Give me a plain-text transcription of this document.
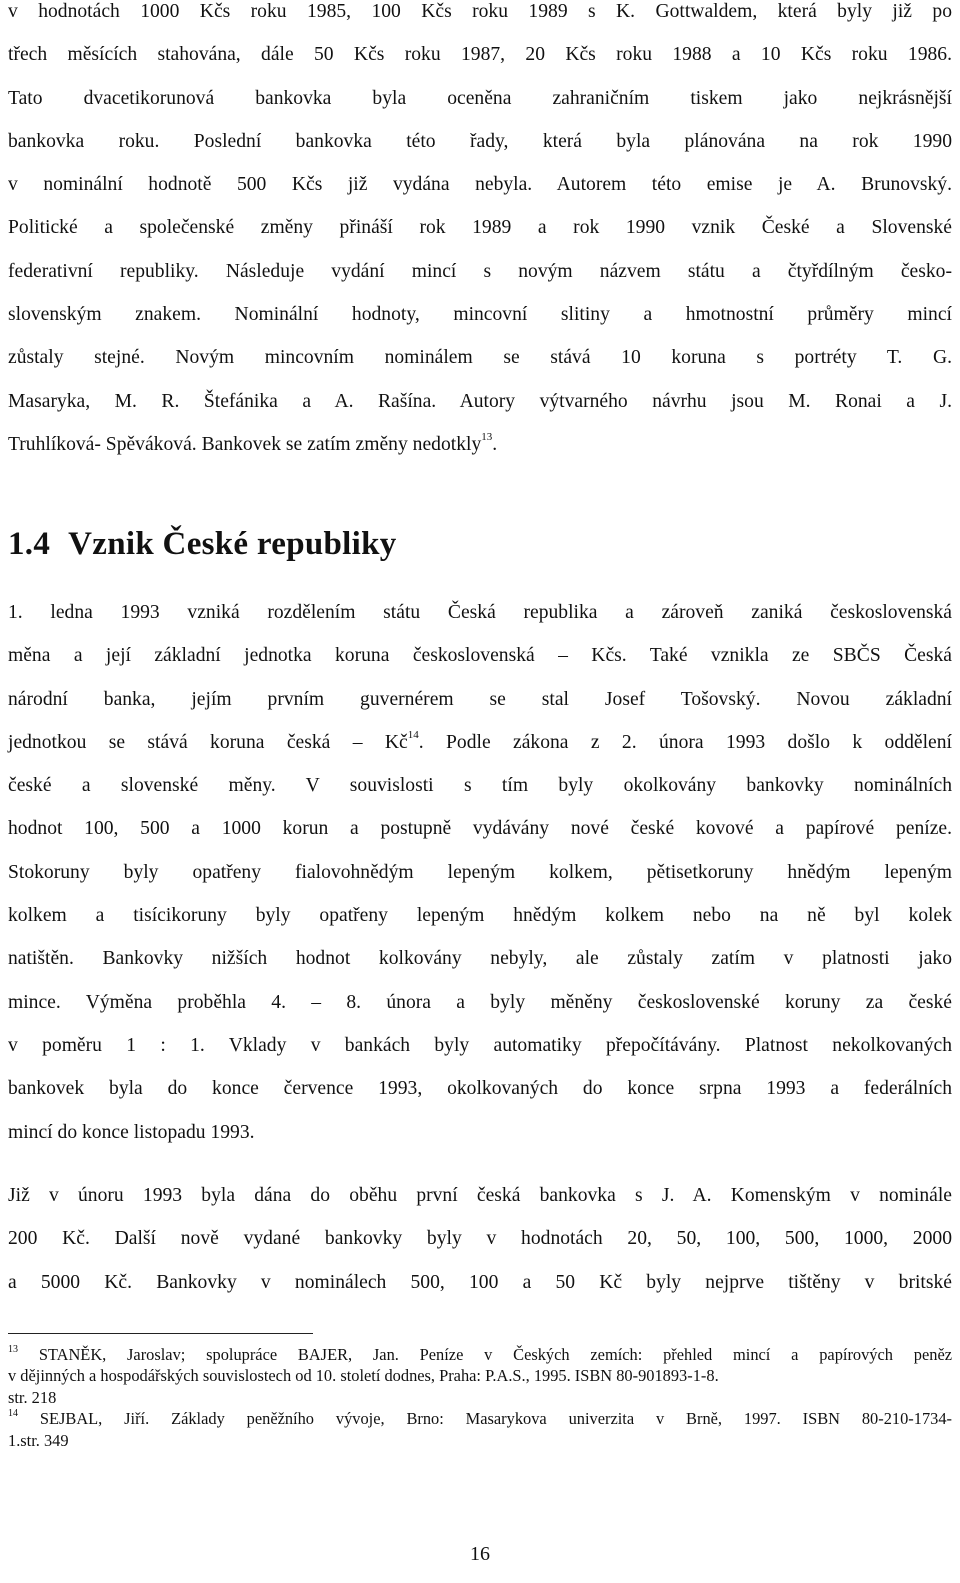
v hodnotách 1000 Kčs roku 1985, 100 Kčs roku 1989 s K. Gottwaldem, která byly již po
třech měsících stahována, dále 50 Kčs roku 1987, 20 Kčs roku 1988 a 10 Kčs roku 1986.
Tato dvacetikorunová bankovka byla oceněna zahraničním tiskem jako nejkrásnější
bankovka roku. Poslední bankovka této řady, která byla plánována na rok 1990
v nominální hodnotě 500 Kčs již vydána nebyla. Autorem této emise je A. Brunovský.
Politické a společenské změny přináší rok 1989 a rok 1990 vznik České a Slovenské
federativní republiky. Následuje vydání mincí s novým názvem státu a čtyřdílným česko-
slovenským znakem. Nominální hodnoty, mincovní slitiny a hmotnostní průměry mincí
zůstaly stejné. Novým mincovním nominálem se stává 10 koruna s portréty T. G.
Masaryka, M. R. Štefánika a A. Rašína. Autory výtvarného návrhu jsou M. Ronai a J.
Truhlíková- Spěváková. Bankovek se zatím změny nedotkly$^{13}$.
1.4 Vznik České republiky
1. ledna 1993 vzniká rozdělením státu Česká republika a zároveň zaniká československá
měna a její základní jednotka koruna československá – Kčs. Také vznikla ze SBČS Česká
národní banka, jejím prvním guvernérem se stal Josef Tošovský. Novou základní
jednotkou se stává koruna česká – $Kč^{14}$. Podle zákona z 2. února 1993 došlo k oddělení
české a slovenské měny. V souvislosti s tím byly okolkovány bankovky nominálních
hodnot 100, 500 a 1000 korun a postupně vydávány nové české kovové a papírové peníze.
Stokoruny byly opatřeny fialovohnědým lepeným kolkem, pětisetkoruny hnědým lepeným
kolkem a tisícikoruny byly opatřeny lepeným hnědým kolkem nebo na ně byl kolek
natištěn. Bankovky nižších hodnot kolkovány nebyly, ale zůstaly zatím v platnosti jako
mince. Výměna proběhla 4. – 8. února a byly měněny československé koruny za české
v poměru 1 : 1. Vklady v bankách byly automatiky přepočítávány. Platnost nekolkovaných
bankovek byla do konce července 1993, okolkovaných do konce srpna 1993 a federálních
mincí do konce listopadu 1993.
Již v únoru 1993 byla dána do oběhu první česká bankovka s J. A. Komenským v nominále
200 Kč. Další nově vydané bankovky byly v hodnotách 20, 50, 100, 500, 1000, 2000
a 5000 Kč. Bankovky v nominálech 500, 100 a 50 Kč byly nejprve tištěny v britské
$^{13}$ STANĚK, Jaroslav; spolupráce BAJER, Jan. Peníze v Českých zemích: přehled mincí a papírových peněz
v dějinných a hospodářských souvislostech od 10. století dodnes, Praha: P.A.S., 1995. ISBN 80-901893-1-8.
str. 218
$^{14}$ SEJBAL, Jiří. Základy peněžního vývoje, Brno: Masarykova univerzita v Brně, 1997. ISBN 80-210-1734-
1.str. 349
16
